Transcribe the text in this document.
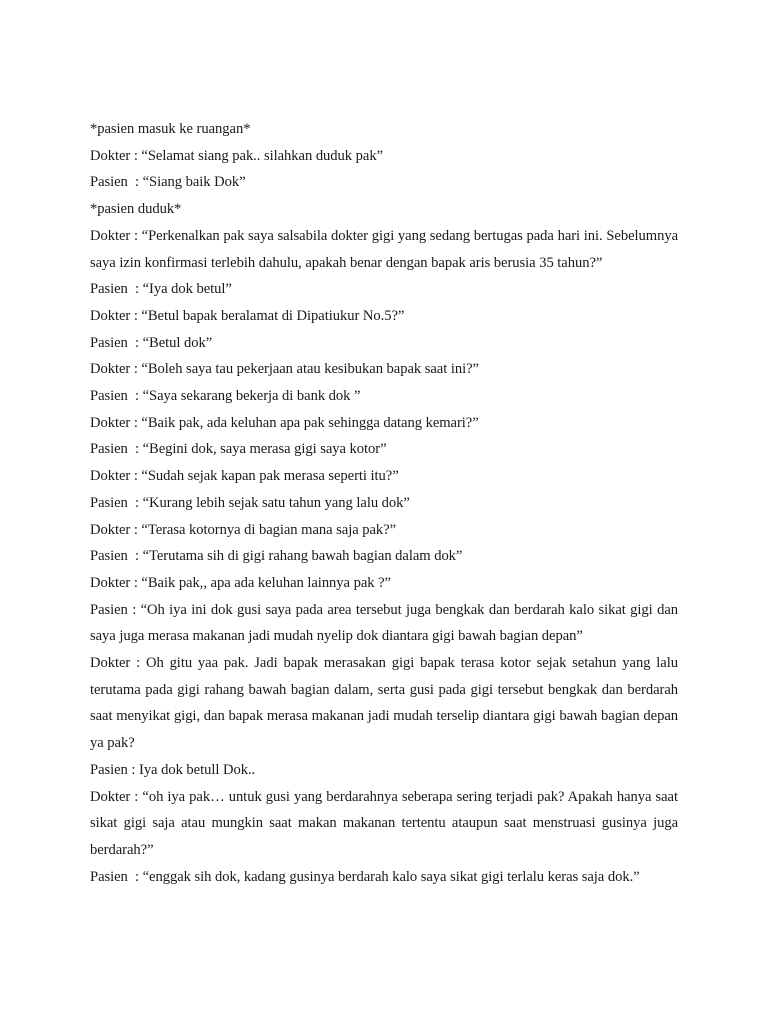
*pasien masuk ke ruangan*

Dokter : “Selamat siang pak.. silahkan duduk pak”

Pasien  : “Siang baik Dok”

*pasien duduk*

Dokter : “Perkenalkan pak saya salsabila dokter gigi yang sedang bertugas pada hari ini. Sebelumnya saya izin konfirmasi terlebih dahulu, apakah benar dengan bapak aris berusia 35 tahun?”

Pasien  : “Iya dok betul”

Dokter : “Betul bapak beralamat di Dipatiukur No.5?”

Pasien  : “Betul dok”

Dokter : “Boleh saya tau pekerjaan atau kesibukan bapak saat ini?”

Pasien  : “Saya sekarang bekerja di bank dok ”

Dokter : “Baik pak, ada keluhan apa pak sehingga datang kemari?”

Pasien  : “Begini dok, saya merasa gigi saya kotor”

Dokter : “Sudah sejak kapan pak merasa seperti itu?”

Pasien  : “Kurang lebih sejak satu tahun yang lalu dok”

Dokter : “Terasa kotornya di bagian mana saja pak?”

Pasien  : “Terutama sih di gigi rahang bawah bagian dalam dok”

Dokter : “Baik pak,, apa ada keluhan lainnya pak ?”

Pasien : “Oh iya ini dok gusi saya pada area tersebut juga bengkak dan berdarah kalo sikat gigi dan saya juga merasa makanan jadi mudah nyelip dok diantara gigi bawah bagian depan”

Dokter : Oh gitu yaa pak. Jadi bapak merasakan gigi bapak terasa kotor sejak setahun yang lalu terutama pada gigi rahang bawah bagian dalam, serta gusi pada gigi tersebut bengkak dan berdarah saat menyikat gigi, dan bapak merasa makanan jadi mudah terselip diantara gigi bawah bagian depan ya pak?

Pasien : Iya dok betull Dok..

Dokter : “oh iya pak… untuk gusi yang berdarahnya seberapa sering terjadi pak? Apakah hanya saat sikat gigi saja atau mungkin saat makan makanan tertentu ataupun saat menstruasi gusinya juga berdarah?”

Pasien  : “enggak sih dok, kadang gusinya berdarah kalo saya sikat gigi terlalu keras saja dok.”
